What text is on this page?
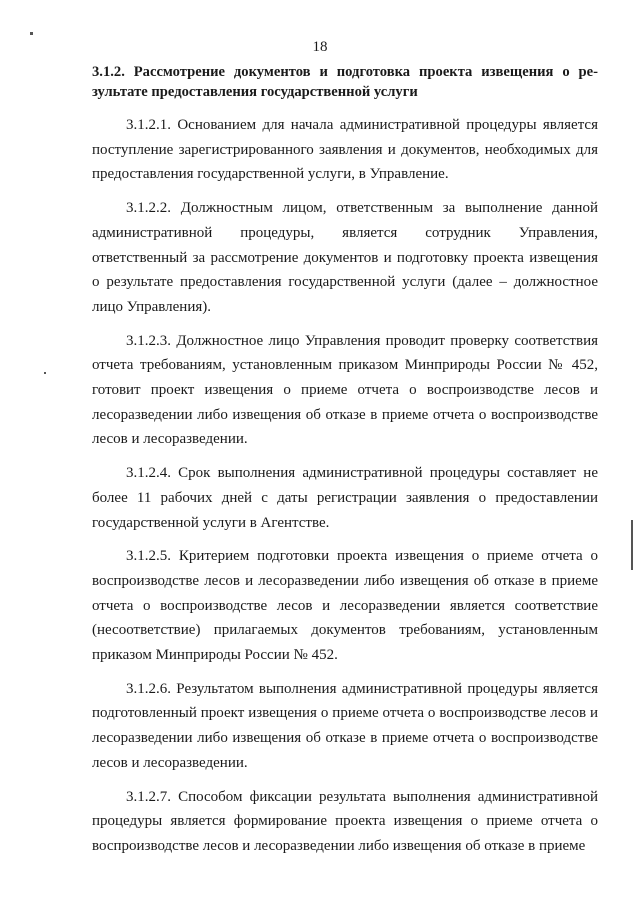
18
3.1.2. Рассмотрение документов и подготовка проекта извещения о ре-зультате предоставления государственной услуги

3.1.2.1. Основанием для начала административной процедуры является поступление зарегистрированного заявления и документов, необходимых для предоставления государственной услуги, в Управление.

3.1.2.2. Должностным лицом, ответственным за выполнение данной административной процедуры, является сотрудник Управления, ответственный за рассмотрение документов и подготовку проекта извещения о результате предоставления государственной услуги (далее – должностное лицо Управления).

3.1.2.3. Должностное лицо Управления проводит проверку соответствия отчета требованиям, установленным приказом Минприроды России № 452, готовит проект извещения о приеме отчета о воспроизводстве лесов и лесоразведении либо извещения об отказе в приеме отчета о воспроизводстве лесов и лесоразведении.

3.1.2.4. Срок выполнения административной процедуры составляет не более 11 рабочих дней с даты регистрации заявления о предоставлении государственной услуги в Агентстве.

3.1.2.5. Критерием подготовки проекта извещения о приеме отчета о воспроизводстве лесов и лесоразведении либо извещения об отказе в приеме отчета о воспроизводстве лесов и лесоразведении является соответствие (несоответствие) прилагаемых документов требованиям, установленным приказом Минприроды России № 452.

3.1.2.6. Результатом выполнения административной процедуры является подготовленный проект извещения о приеме отчета о воспроизводстве лесов и лесоразведении либо извещения об отказе в приеме отчета о воспроизводстве лесов и лесоразведении.

3.1.2.7. Способом фиксации результата выполнения административной процедуры является формирование проекта извещения о приеме отчета о воспроизводстве лесов и лесоразведении либо извещения об отказе в приеме
